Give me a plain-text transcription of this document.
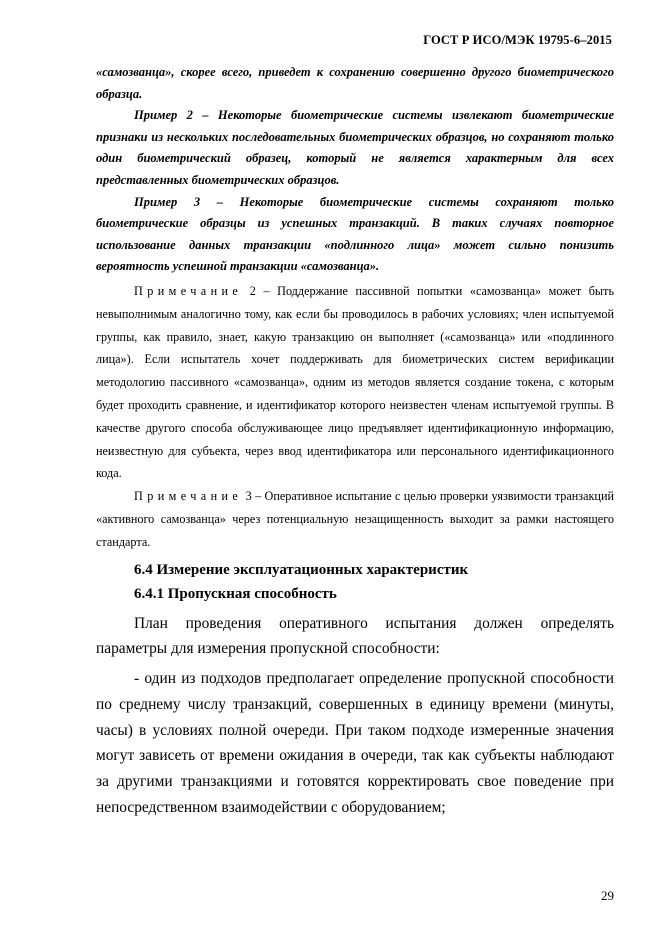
ГОСТ Р ИСО/МЭК 19795-6–2015

«самозванца», скорее всего, приведет к сохранению совершенно другого биометрического образца.

Пример 2 – Некоторые биометрические системы извлекают биометрические признаки из нескольких последовательных биометрических образцов, но сохраняют только один биометрический образец, который не является характерным для всех представленных биометрических образцов.

Пример 3 – Некоторые биометрические системы сохраняют только биометрические образцы из успешных транзакций. В таких случаях повторное использование данных транзакции «подлинного лица» может сильно понизить вероятность успешной транзакции «самозванца».

Примечание 2 – Поддержание пассивной попытки «самозванца» может быть невыполнимым аналогично тому, как если бы проводилось в рабочих условиях; член испытуемой группы, как правило, знает, какую транзакцию он выполняет («самозванца» или «подлинного лица»). Если испытатель хочет поддерживать для биометрических систем верификации методологию пассивного «самозванца», одним из методов является создание токена, с которым будет проходить сравнение, и идентификатор которого неизвестен членам испытуемой группы. В качестве другого способа обслуживающее лицо предъявляет идентификационную информацию, неизвестную для субъекта, через ввод идентификатора или персонального идентификационного кода.

Примечание 3 – Оперативное испытание с целью проверки уязвимости транзакций «активного самозванца» через потенциальную незащищенность выходит за рамки настоящего стандарта.

6.4 Измерение эксплуатационных характеристик
6.4.1 Пропускная способность

План проведения оперативного испытания должен определять параметры для измерения пропускной способности:

- один из подходов предполагает определение пропускной способности по среднему числу транзакций, совершенных в единицу времени (минуты, часы) в условиях полной очереди. При таком подходе измеренные значения могут зависеть от времени ожидания в очереди, так как субъекты наблюдают за другими транзакциями и готовятся корректировать свое поведение при непосредственном взаимодействии с оборудованием;

29
